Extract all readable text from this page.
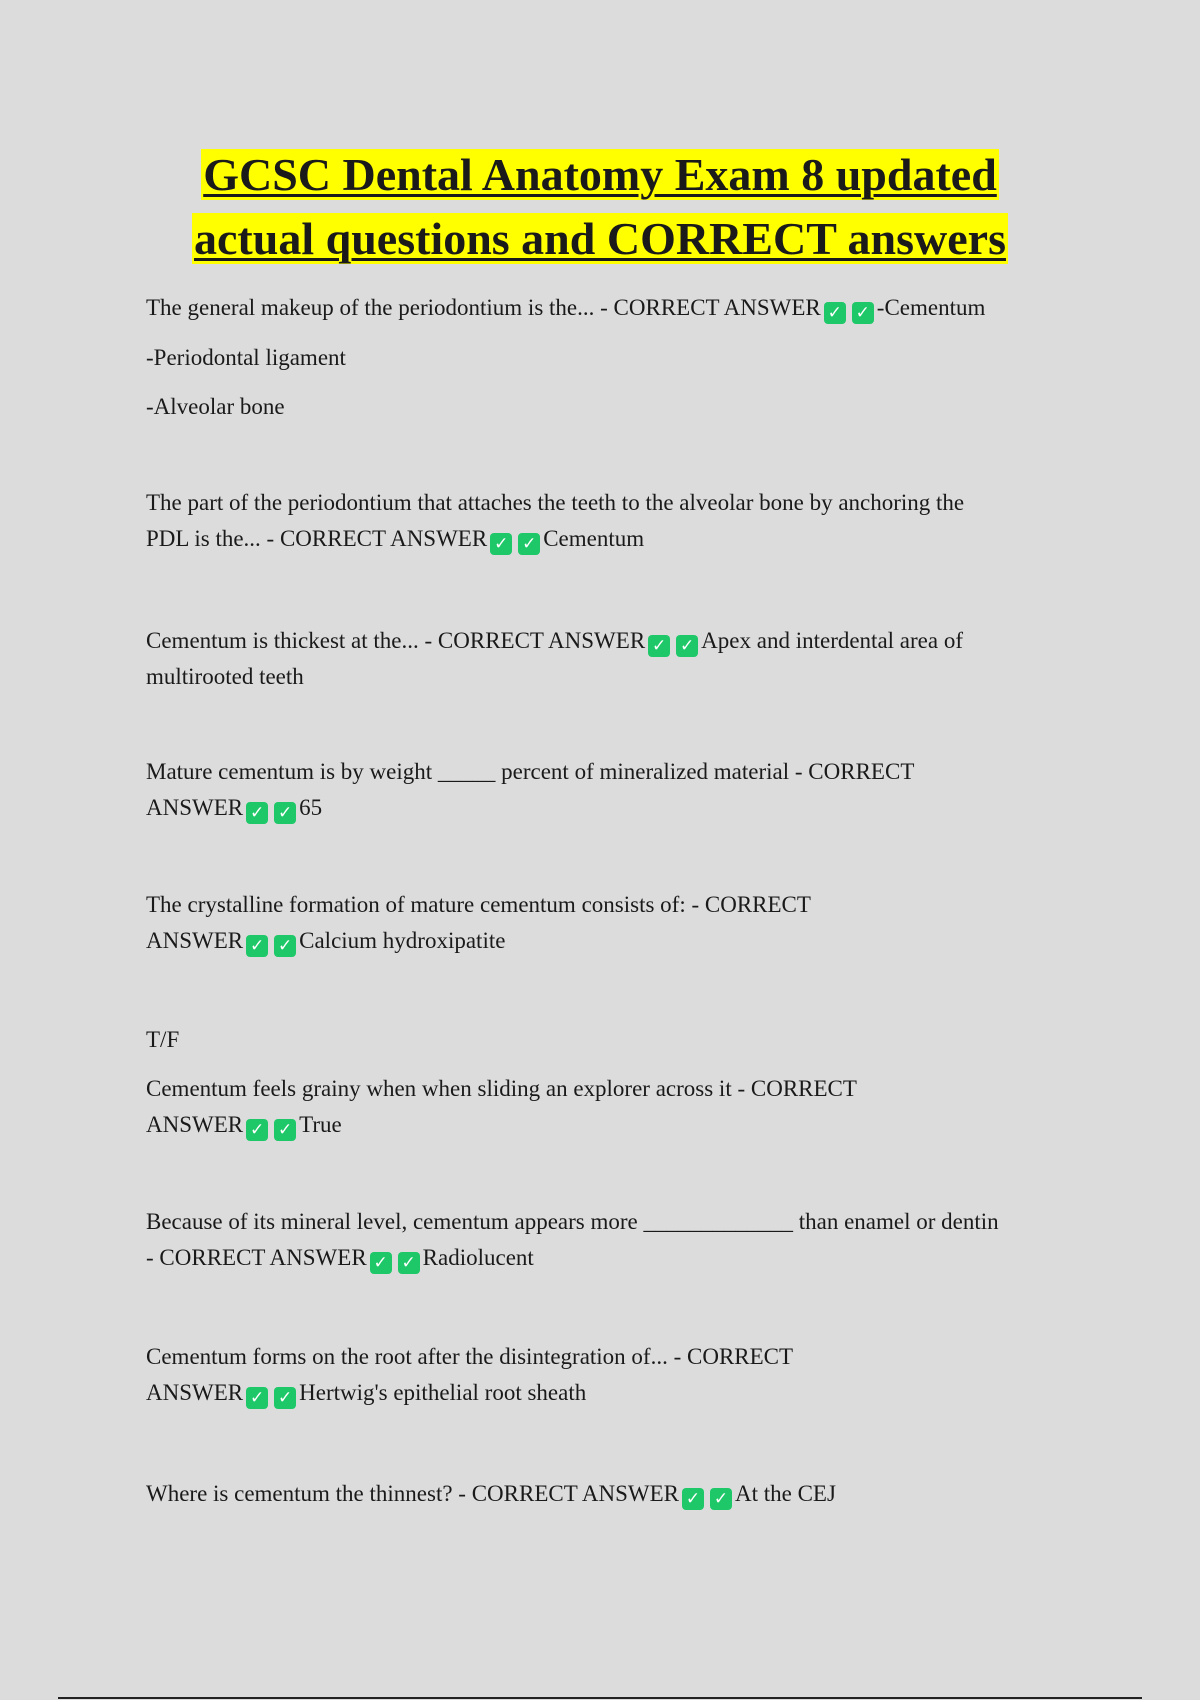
GCSC Dental Anatomy Exam 8 updated
actual questions and CORRECT answers
The general makeup of the periodontium is the... - CORRECT ANSWER ✓ ✓ -Cementum
-Periodontal ligament
-Alveolar bone
The part of the periodontium that attaches the teeth to the alveolar bone by anchoring the
PDL is the... - CORRECT ANSWER ✓ ✓ Cementum
Cementum is thickest at the... - CORRECT ANSWER ✓ ✓ Apex and interdental area of
multirooted teeth
Mature cementum is by weight _____ percent of mineralized material - CORRECT
ANSWER ✓ ✓ 65
The crystalline formation of mature cementum consists of: - CORRECT
ANSWER ✓ ✓ Calcium hydroxipatite
T/F
Cementum feels grainy when when sliding an explorer across it - CORRECT
ANSWER ✓ ✓ True
Because of its mineral level, cementum appears more _____________ than enamel or dentin
- CORRECT ANSWER ✓ ✓ Radiolucent
Cementum forms on the root after the disintegration of... - CORRECT
ANSWER ✓ ✓ Hertwig's epithelial root sheath
Where is cementum the thinnest? - CORRECT ANSWER ✓ ✓ At the CEJ
